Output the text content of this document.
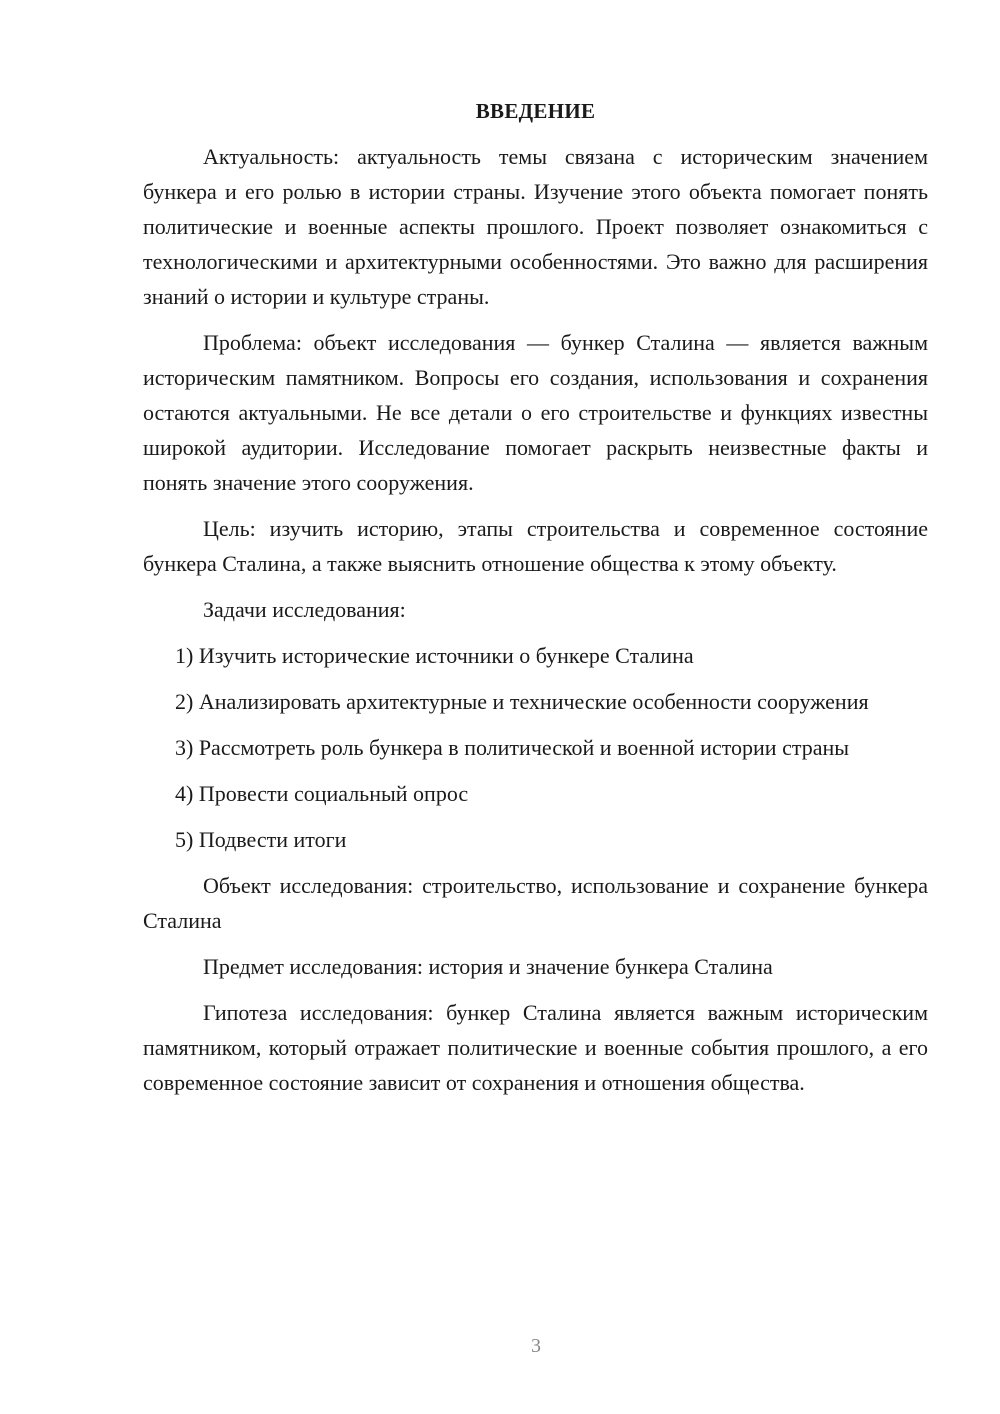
ВВЕДЕНИЕ

Актуальность: актуальность темы связана с историческим значением бункера и его ролью в истории страны. Изучение этого объекта помогает понять политические и военные аспекты прошлого. Проект позволяет ознакомиться с технологическими и архитектурными особенностями. Это важно для расширения знаний о истории и культуре страны.

Проблема: объект исследования — бункер Сталина — является важным историческим памятником. Вопросы его создания, использования и сохранения остаются актуальными. Не все детали о его строительстве и функциях известны широкой аудитории. Исследование помогает раскрыть неизвестные факты и понять значение этого сооружения.

Цель: изучить историю, этапы строительства и современное состояние бункера Сталина, а также выяснить отношение общества к этому объекту.

Задачи исследования:

1) Изучить исторические источники о бункере Сталина

2) Анализировать архитектурные и технические особенности сооружения

3) Рассмотреть роль бункера в политической и военной истории страны

4) Провести социальный опрос

5) Подвести итоги

Объект исследования: строительство, использование и сохранение бункера Сталина

Предмет исследования: история и значение бункера Сталина

Гипотеза исследования: бункер Сталина является важным историческим памятником, который отражает политические и военные события прошлого, а его современное состояние зависит от сохранения и отношения общества.

3
